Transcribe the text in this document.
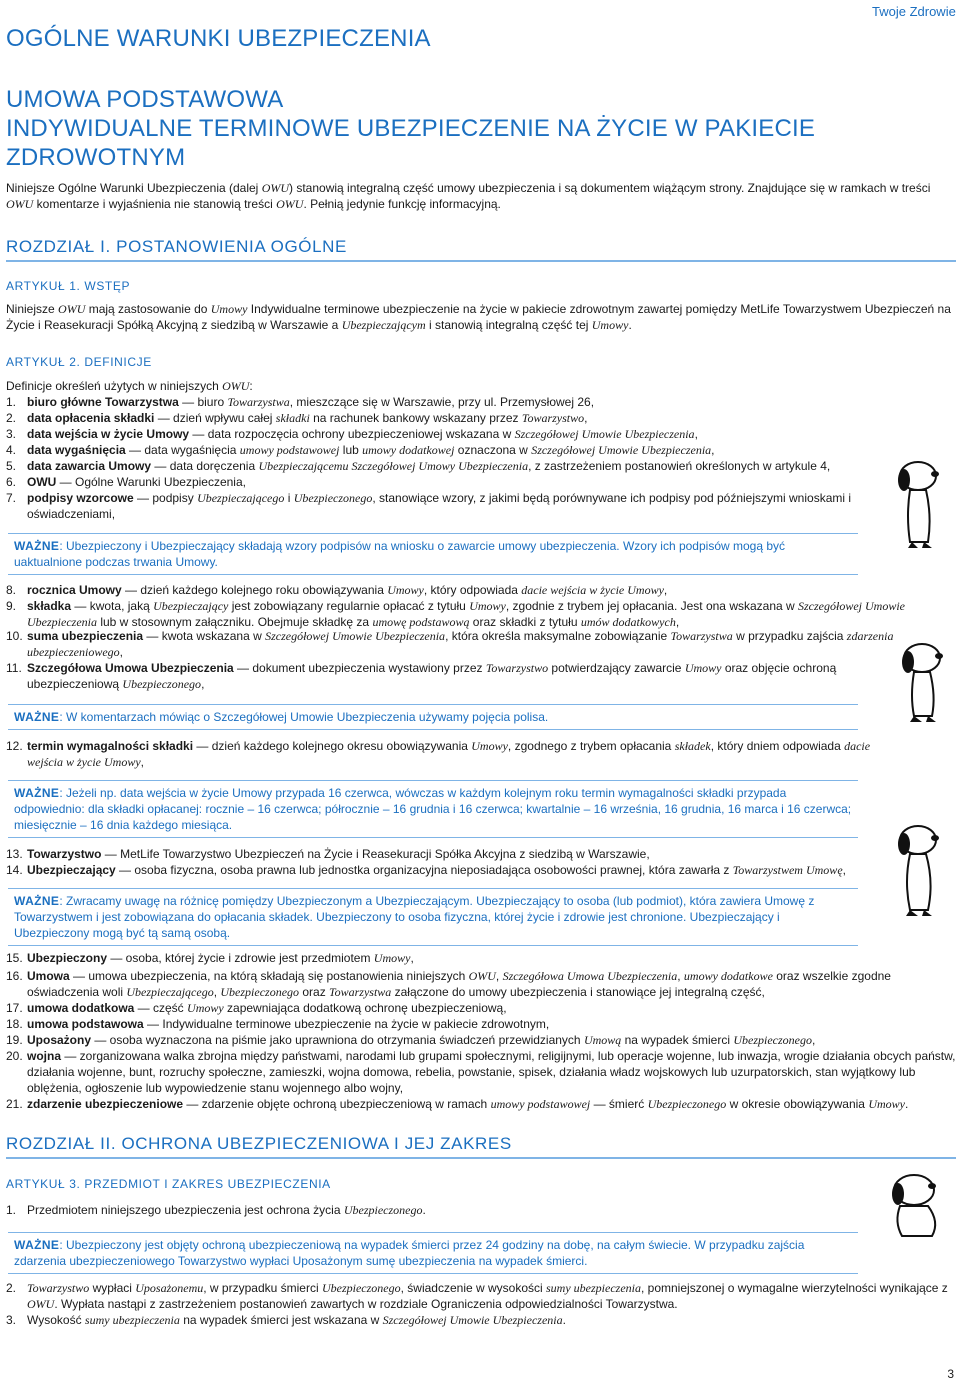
Twoje Zdrowie
OGÓLNE WARUNKI UBEZPIECZENIA
UMOWA PODSTAWOWA
INDYWIDUALNE TERMINOWE UBEZPIECZENIE NA ŻYCIE W PAKIECIE ZDROWOTNYM
Niniejsze Ogólne Warunki Ubezpieczenia (dalej OWU) stanowią integralną część umowy ubezpieczenia i są dokumentem wiążącym strony. Znajdujące się w ramkach w treści OWU komentarze i wyjaśnienia nie stanowią treści OWU. Pełnią jedynie funkcję informacyjną.
ROZDZIAŁ I. POSTANOWIENIA OGÓLNE
ARTYKUŁ 1. WSTĘP
Niniejsze OWU mają zastosowanie do Umowy Indywidualne terminowe ubezpieczenie na życie w pakiecie zdrowotnym zawartej pomiędzy MetLife Towarzystwem Ubezpieczeń na Życie i Reasekuracji Spółką Akcyjną z siedzibą w Warszawie a Ubezpieczającym i stanowią integralną część tej Umowy.
ARTYKUŁ 2. DEFINICJE
Definicje określeń użytych w niniejszych OWU:
1. biuro główne Towarzystwa — biuro Towarzystwa, mieszczące się w Warszawie, przy ul. Przemysłowej 26,
2. data opłacenia składki — dzień wpływu całej składki na rachunek bankowy wskazany przez Towarzystwo,
3. data wejścia w życie Umowy — data rozpoczęcia ochrony ubezpieczeniowej wskazana w Szczegółowej Umowie Ubezpieczenia,
4. data wygaśnięcia — data wygaśnięcia umowy podstawowej lub umowy dodatkowej oznaczona w Szczegółowej Umowie Ubezpieczenia,
5. data zawarcia Umowy — data doręczenia Ubezpieczającemu Szczegółowej Umowy Ubezpieczenia, z zastrzeżeniem postanowień określonych w artykule 4,
6. OWU — Ogólne Warunki Ubezpieczenia,
7. podpisy wzorcowe — podpisy Ubezpieczającego i Ubezpieczonego, stanowiące wzory, z jakimi będą porównywane ich podpisy pod późniejszymi wnioskami i oświadczeniami,
WAŻNE: Ubezpieczony i Ubezpieczający składają wzory podpisów na wniosku o zawarcie umowy ubezpieczenia. Wzory ich podpisów mogą być uaktualnione podczas trwania Umowy.
8. rocznica Umowy — dzień każdego kolejnego roku obowiązywania Umowy, który odpowiada dacie wejścia w życie Umowy,
9. składka — kwota, jaką Ubezpieczający jest zobowiązany regularnie opłacać z tytułu Umowy, zgodnie z trybem jej opłacania. Jest ona wskazana w Szczegółowej Umowie Ubezpieczenia lub w stosownym załączniku. Obejmuje składkę za umowę podstawową oraz składki z tytułu umów dodatkowych,
10. suma ubezpieczenia — kwota wskazana w Szczegółowej Umowie Ubezpieczenia, która określa maksymalne zobowiązanie Towarzystwa w przypadku zajścia zdarzenia ubezpieczeniowego,
11. Szczegółowa Umowa Ubezpieczenia — dokument ubezpieczenia wystawiony przez Towarzystwo potwierdzający zawarcie Umowy oraz objęcie ochroną ubezpieczeniową Ubezpieczonego,
WAŻNE: W komentarzach mówiąc o Szczegółowej Umowie Ubezpieczenia używamy pojęcia polisa.
12. termin wymagalności składki — dzień każdego kolejnego okresu obowiązywania Umowy, zgodnego z trybem opłacania składek, który dniem odpowiada dacie wejścia w życie Umowy,
WAŻNE: Jeżeli np. data wejścia w życie Umowy przypada 16 czerwca, wówczas w każdym kolejnym roku termin wymagalności składki przypada odpowiednio: dla składki opłacanej: rocznie – 16 czerwca; półrocznie – 16 grudnia i 16 czerwca; kwartalnie – 16 września, 16 grudnia, 16 marca i 16 czerwca; miesięcznie – 16 dnia każdego miesiąca.
13. Towarzystwo — MetLife Towarzystwo Ubezpieczeń na Życie i Reasekuracji Spółka Akcyjna z siedzibą w Warszawie,
14. Ubezpieczający — osoba fizyczna, osoba prawna lub jednostka organizacyjna nieposiadająca osobowości prawnej, która zawarła z Towarzystwem Umowę,
WAŻNE: Zwracamy uwagę na różnicę pomiędzy Ubezpieczonym a Ubezpieczającym. Ubezpieczający to osoba (lub podmiot), która zawiera Umowę z Towarzystwem i jest zobowiązana do opłacania składek. Ubezpieczony to osoba fizyczna, której życie i zdrowie jest chronione. Ubezpieczający i Ubezpieczony mogą być tą samą osobą.
15. Ubezpieczony — osoba, której życie i zdrowie jest przedmiotem Umowy,
16. Umowa — umowa ubezpieczenia, na którą składają się postanowienia niniejszych OWU, Szczegółowa Umowa Ubezpieczenia, umowy dodatkowe oraz wszelkie zgodne oświadczenia woli Ubezpieczającego, Ubezpieczonego oraz Towarzystwa załączone do umowy ubezpieczenia i stanowiące jej integralną część,
17. umowa dodatkowa — część Umowy zapewniająca dodatkową ochronę ubezpieczeniową,
18. umowa podstawowa — Indywidualne terminowe ubezpieczenie na życie w pakiecie zdrowotnym,
19. Uposażony — osoba wyznaczona na piśmie jako uprawniona do otrzymania świadczeń przewidzianych Umową na wypadek śmierci Ubezpieczonego,
20. wojna — zorganizowana walka zbrojna między państwami, narodami lub grupami społecznymi, religijnymi, lub operacje wojenne, lub inwazja, wrogie działania obcych państw, działania wojenne, bunt, rozruchy społeczne, zamieszki, wojna domowa, rebelia, powstanie, spisek, działania władz wojskowych lub uzurpatorskich, stan wyjątkowy lub oblężenia, ogłoszenie lub wypowiedzenie stanu wojennego albo wojny,
21. zdarzenie ubezpieczeniowe — zdarzenie objęte ochroną ubezpieczeniową w ramach umowy podstawowej — śmierć Ubezpieczonego w okresie obowiązywania Umowy.
ROZDZIAŁ II. OCHRONA UBEZPIECZENIOWA I JEJ ZAKRES
ARTYKUŁ 3. PRZEDMIOT I ZAKRES UBEZPIECZENIA
1. Przedmiotem niniejszego ubezpieczenia jest ochrona życia Ubezpieczonego.
WAŻNE: Ubezpieczony jest objęty ochroną ubezpieczeniową na wypadek śmierci przez 24 godziny na dobę, na całym świecie. W przypadku zajścia zdarzenia ubezpieczeniowego Towarzystwo wypłaci Uposażonym sumę ubezpieczenia na wypadek śmierci.
2. Towarzystwo wypłaci Uposażonemu, w przypadku śmierci Ubezpieczonego, świadczenie w wysokości sumy ubezpieczenia, pomniejszonej o wymagalne wierzytelności wynikające z OWU. Wypłata nastąpi z zastrzeżeniem postanowień zawartych w rozdziale Ograniczenia odpowiedzialności Towarzystwa.
3. Wysokość sumy ubezpieczenia na wypadek śmierci jest wskazana w Szczegółowej Umowie Ubezpieczenia.
3
